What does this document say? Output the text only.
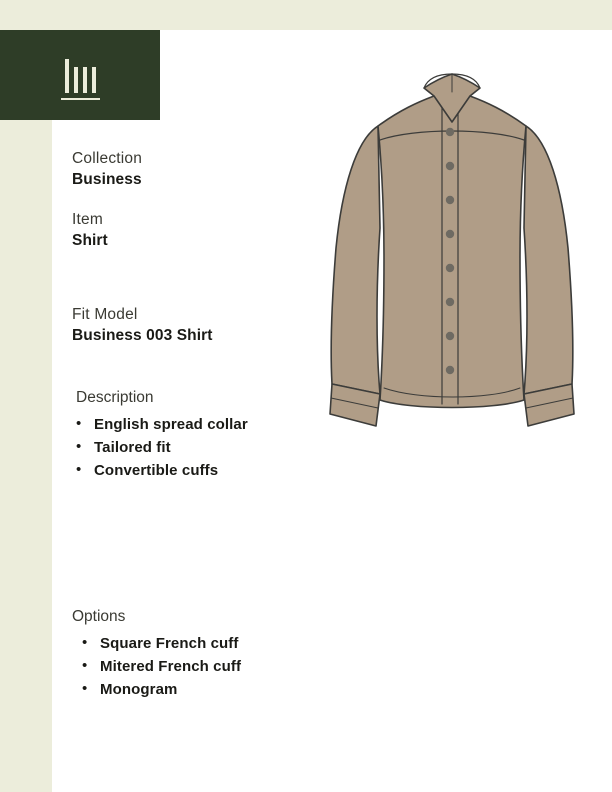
Collection
Business
Item
Shirt
Fit Model
Business 003 Shirt
Description
• English spread collar
• Tailored fit
• Convertible cuffs
Options
• Square French cuff
• Mitered French cuff
• Monogram
